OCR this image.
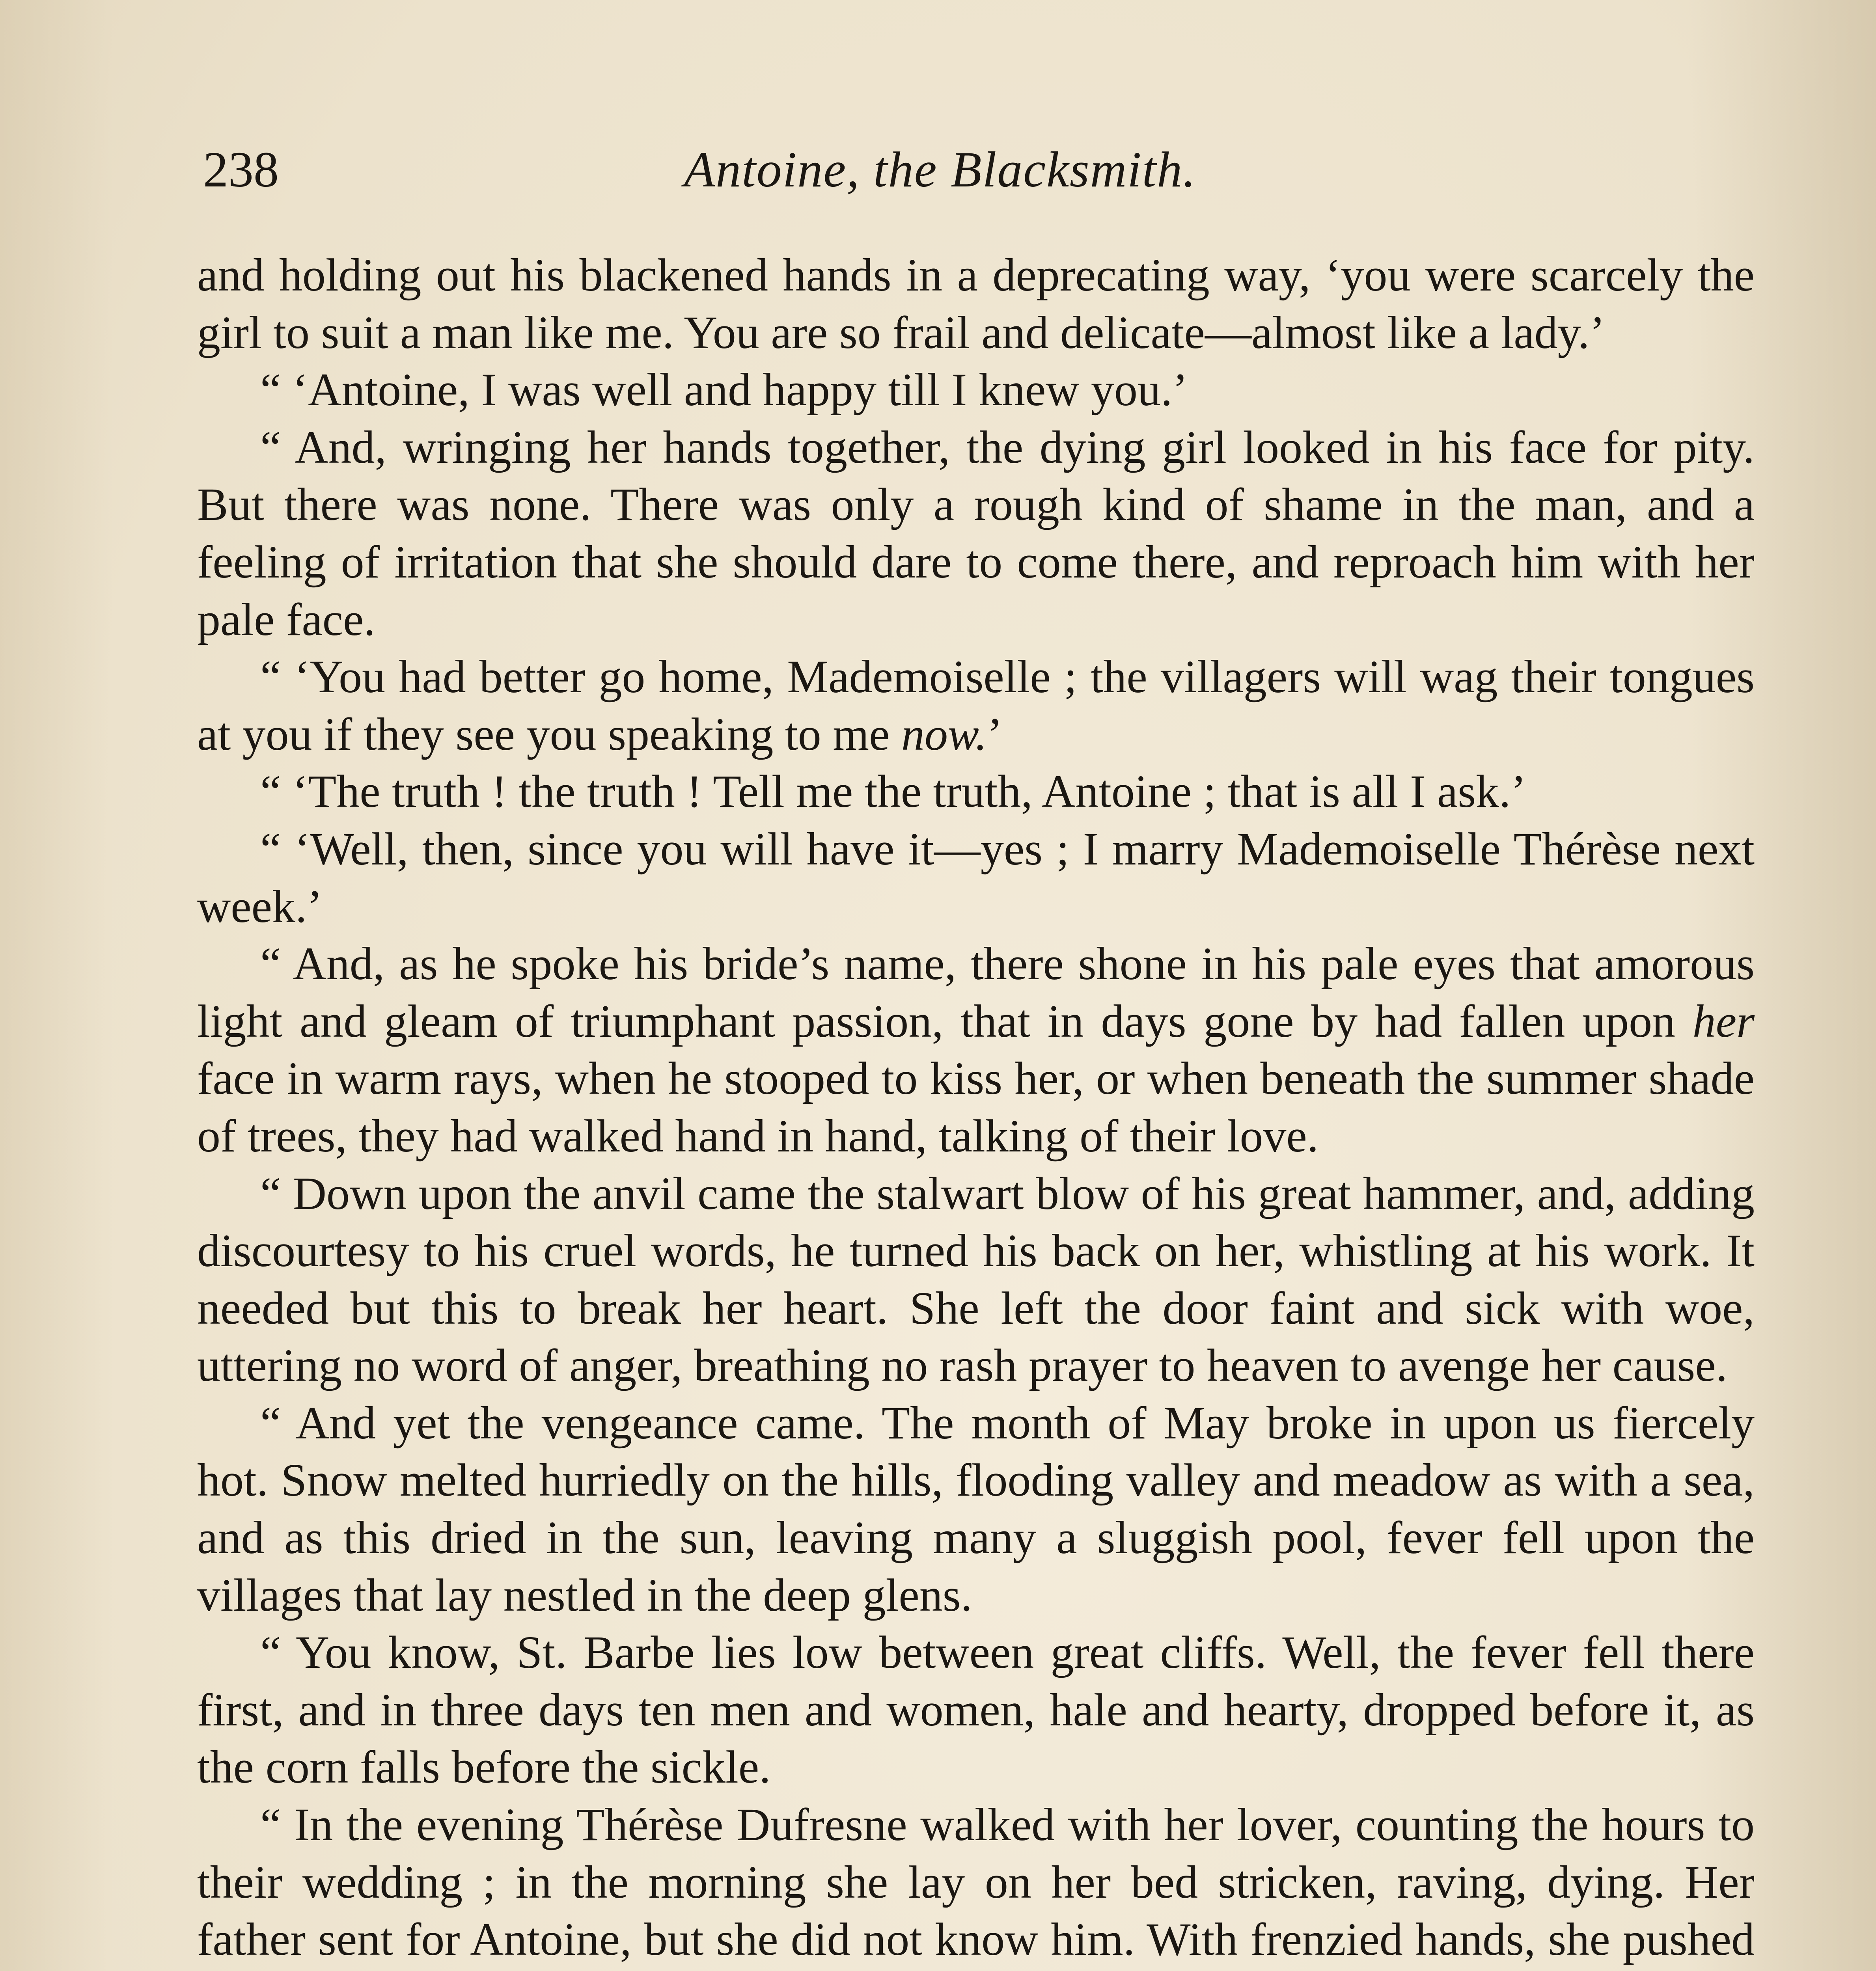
238	Antoine, the Blacksmith.

and holding out his blackened hands in a deprecating way, ‘you were scarcely the girl to suit a man like me. You are so frail and delicate—almost like a lady.’

“ ‘Antoine, I was well and happy till I knew you.’

“ And, wringing her hands together, the dying girl looked in his face for pity. But there was none. There was only a rough kind of shame in the man, and a feeling of irritation that she should dare to come there, and reproach him with her pale face.

“ ‘You had better go home, Mademoiselle ; the villagers will wag their tongues at you if they see you speaking to me now.’

“ ‘The truth ! the truth ! Tell me the truth, Antoine ; that is all I ask.’

“ ‘Well, then, since you will have it—yes ; I marry Mademoiselle Thérèse next week.’

“ And, as he spoke his bride’s name, there shone in his pale eyes that amorous light and gleam of triumphant passion, that in days gone by had fallen upon her face in warm rays, when he stooped to kiss her, or when beneath the summer shade of trees, they had walked hand in hand, talking of their love.

“ Down upon the anvil came the stalwart blow of his great hammer, and, adding discourtesy to his cruel words, he turned his back on her, whistling at his work. It needed but this to break her heart. She left the door faint and sick with woe, uttering no word of anger, breathing no rash prayer to heaven to avenge her cause.

“ And yet the vengeance came. The month of May broke in upon us fiercely hot. Snow melted hurriedly on the hills, flooding valley and meadow as with a sea, and as this dried in the sun, leaving many a sluggish pool, fever fell upon the villages that lay nestled in the deep glens.

“ You know, St. Barbe lies low between great cliffs. Well, the fever fell there first, and in three days ten men and women, hale and hearty, dropped before it, as the corn falls before the sickle.

“ In the evening Thérèse Dufresne walked with her lover, counting the hours to their wedding ; in the morning she lay on her bed stricken, raving, dying. Her father sent for Antoine, but she did not know him. With frenzied hands, she pushed
